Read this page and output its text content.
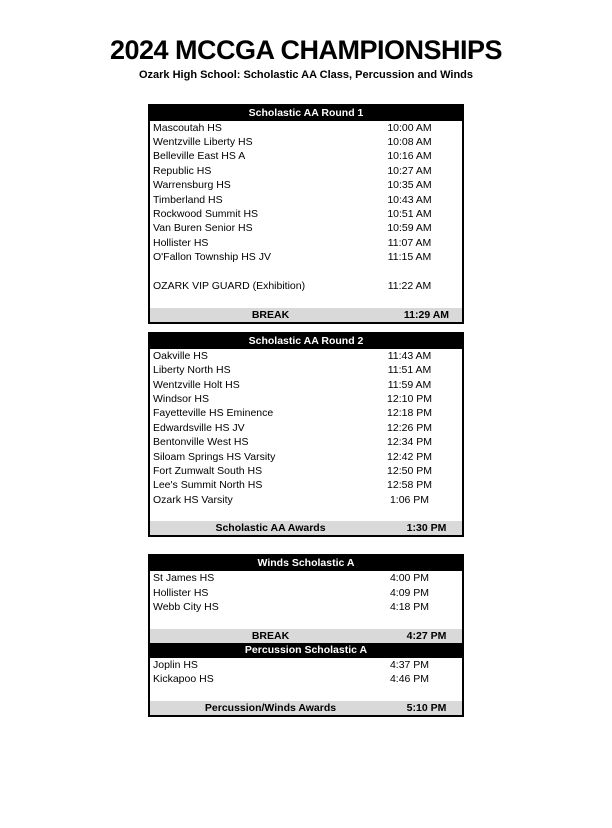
2024 MCCGA CHAMPIONSHIPS
Ozark High School: Scholastic AA Class, Percussion and Winds
Scholastic AA Round 1
Mascoutah HS	10:00 AM
Wentzville Liberty HS	10:08 AM
Belleville East HS A	10:16 AM
Republic HS	10:27 AM
Warrensburg HS	10:35 AM
Timberland HS	10:43 AM
Rockwood Summit HS	10:51 AM
Van Buren Senior HS	10:59 AM
Hollister HS	11:07 AM
O'Fallon Township HS JV	11:15 AM
OZARK VIP GUARD (Exhibition)	11:22 AM
BREAK	11:29 AM
Scholastic AA Round 2
Oakville HS	11:43 AM
Liberty North HS	11:51 AM
Wentzville Holt HS	11:59 AM
Windsor HS	12:10 PM
Fayetteville HS Eminence	12:18 PM
Edwardsville HS JV	12:26 PM
Bentonville West HS	12:34 PM
Siloam Springs HS Varsity	12:42 PM
Fort Zumwalt South HS	12:50 PM
Lee's Summit North HS	12:58 PM
Ozark HS Varsity	1:06 PM
Scholastic AA Awards	1:30 PM
Winds Scholastic A
St James HS	4:00 PM
Hollister HS	4:09 PM
Webb City HS	4:18 PM
BREAK	4:27 PM
Percussion Scholastic A
Joplin HS	4:37 PM
Kickapoo HS	4:46 PM
Percussion/Winds Awards	5:10 PM
